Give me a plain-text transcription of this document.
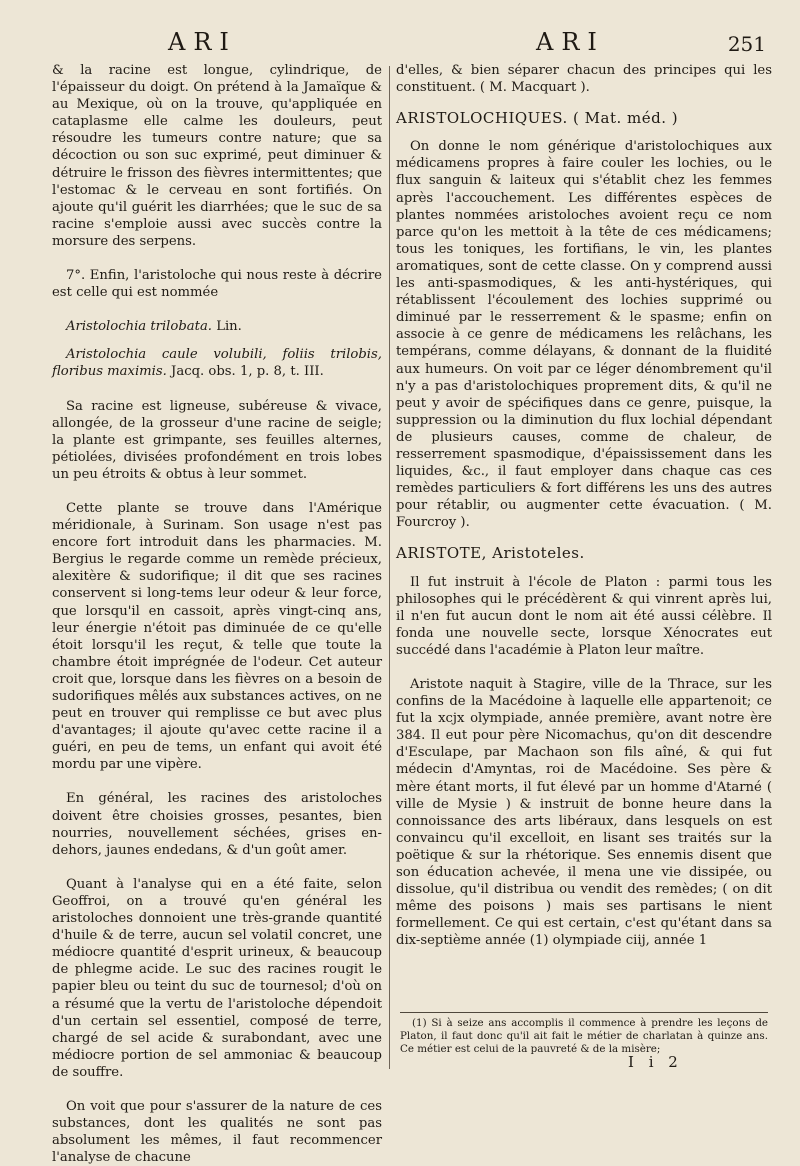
ARI	ARI	251

& la racine est longue, cylindrique, de l'épaisseur du doigt. On prétend à la Jamaïque & au Mexique, où on la trouve, qu'appliquée en cataplasme elle calme les douleurs, peut résoudre les tumeurs contre nature; que sa décoction ou son suc exprimé, peut diminuer & détruire le frisson des fièvres intermittentes; que l'estomac & le cerveau en sont fortifiés. On ajoute qu'il guérit les diarrhées; que le suc de sa racine s'emploie aussi avec succès contre la morsure des serpens.

7°. Enfin, l'aristoloche qui nous reste à décrire est celle qui est nommée

Aristolochia trilobata. Lin.

Aristolochia caule volubili, foliis trilobis, floribus maximis. Jacq. obs. 1, p. 8, t. III.

Sa racine est ligneuse, subéreuse & vivace, allongée, de la grosseur d'une racine de seigle; la plante est grimpante, ses feuilles alternes, pétiolées, divisées profondément en trois lobes un peu étroits & obtus à leur sommet.

Cette plante se trouve dans l'Amérique méridionale, à Surinam. Son usage n'est pas encore fort introduit dans les pharmacies. M. Bergius le regarde comme un remède précieux, alexitère & sudorifique; il dit que ses racines conservent si long-tems leur odeur & leur force, que lorsqu'il en cassoit, après vingt-cinq ans, leur énergie n'étoit pas diminuée de ce qu'elle étoit lorsqu'il les reçut, & telle que toute la chambre étoit imprégnée de l'odeur. Cet auteur croit que, lorsque dans les fièvres on a besoin de sudorifiques mêlés aux substances actives, on ne peut en trouver qui remplisse ce but avec plus d'avantages; il ajoute qu'avec cette racine il a guéri, en peu de tems, un enfant qui avoit été mordu par une vipère.

En général, les racines des aristoloches doivent être choisies grosses, pesantes, bien nourries, nouvellement séchées, grises en-dehors, jaunes endedans, & d'un goût amer.

Quant à l'analyse qui en a été faite, selon Geoffroi, on a trouvé qu'en général les aristoloches donnoient une très-grande quantité d'huile & de terre, aucun sel volatil concret, une médiocre quantité d'esprit urineux, & beaucoup de phlegme acide. Le suc des racines rougit le papier bleu ou teint du suc de tournesol; d'où on a résumé que la vertu de l'aristoloche dépendoit d'un certain sel essentiel, composé de terre, chargé de sel acide & surabondant, avec une médiocre portion de sel ammoniac & beaucoup de souffre.

On voit que pour s'assurer de la nature de ces substances, dont les qualités ne sont pas absolument les mêmes, il faut recommencer l'analyse de chacune

d'elles, & bien séparer chacun des principes qui les constituent. ( M. Macquart ).

ARISTOLOCHIQUES. ( Mat. méd. )

On donne le nom générique d'aristolochiques aux médicamens propres à faire couler les lochies, ou le flux sanguin & laiteux qui s'établit chez les femmes après l'accouchement. Les différentes espèces de plantes nommées aristoloches avoient reçu ce nom parce qu'on les mettoit à la tête de ces médicamens; tous les toniques, les fortifians, le vin, les plantes aromatiques, sont de cette classe. On y comprend aussi les anti-spasmodiques, & les anti-hystériques, qui rétablissent l'écoulement des lochies supprimé ou diminué par le resserrement & le spasme; enfin on associe à ce genre de médicamens les relâchans, les tempérans, comme délayans, & donnant de la fluidité aux humeurs. On voit par ce léger dénombrement qu'il n'y a pas d'aristolochiques proprement dits, & qu'il ne peut y avoir de spécifiques dans ce genre, puisque, la suppression ou la diminution du flux lochial dépendant de plusieurs causes, comme de chaleur, de resserrement spasmodique, d'épaississement dans les liquides, &c., il faut employer dans chaque cas ces remèdes particuliers & fort différens les uns des autres pour rétablir, ou augmenter cette évacuation. ( M. Fourcroy ).

ARISTOTE, Aristoteles.

Il fut instruit à l'école de Platon : parmi tous les philosophes qui le précédèrent & qui vinrent après lui, il n'en fut aucun dont le nom ait été aussi célèbre. Il fonda une nouvelle secte, lorsque Xénocrates eut succédé dans l'académie à Platon leur maître.

Aristote naquit à Stagire, ville de la Thrace, sur les confins de la Macédoine à laquelle elle appartenoit; ce fut la xcjx olympiade, année première, avant notre ère 384. Il eut pour père Nicomachus, qu'on dit descendre d'Esculape, par Machaon son fils aîné, & qui fut médecin d'Amyntas, roi de Macédoine. Ses père & mère étant morts, il fut élevé par un homme d'Atarné ( ville de Mysie ) & instruit de bonne heure dans la connoissance des arts libéraux, dans lesquels on est convaincu qu'il excelloit, en lisant ses traités sur la poëtique & sur la rhétorique. Ses ennemis disent que son éducation achevée, il mena une vie dissipée, ou dissolue, qu'il distribua ou vendit des remèdes; ( on dit même des poisons ) mais ses partisans le nient formellement. Ce qui est certain, c'est qu'étant dans sa dix-septième année (1) olympiade ciij, année 1

(1) Si à seize ans accomplis il commence à prendre les leçons de Platon, il faut donc qu'il ait fait le métier de charlatan à quinze ans. Ce métier est celui de la pauvreté & de la misère;

I i 2
